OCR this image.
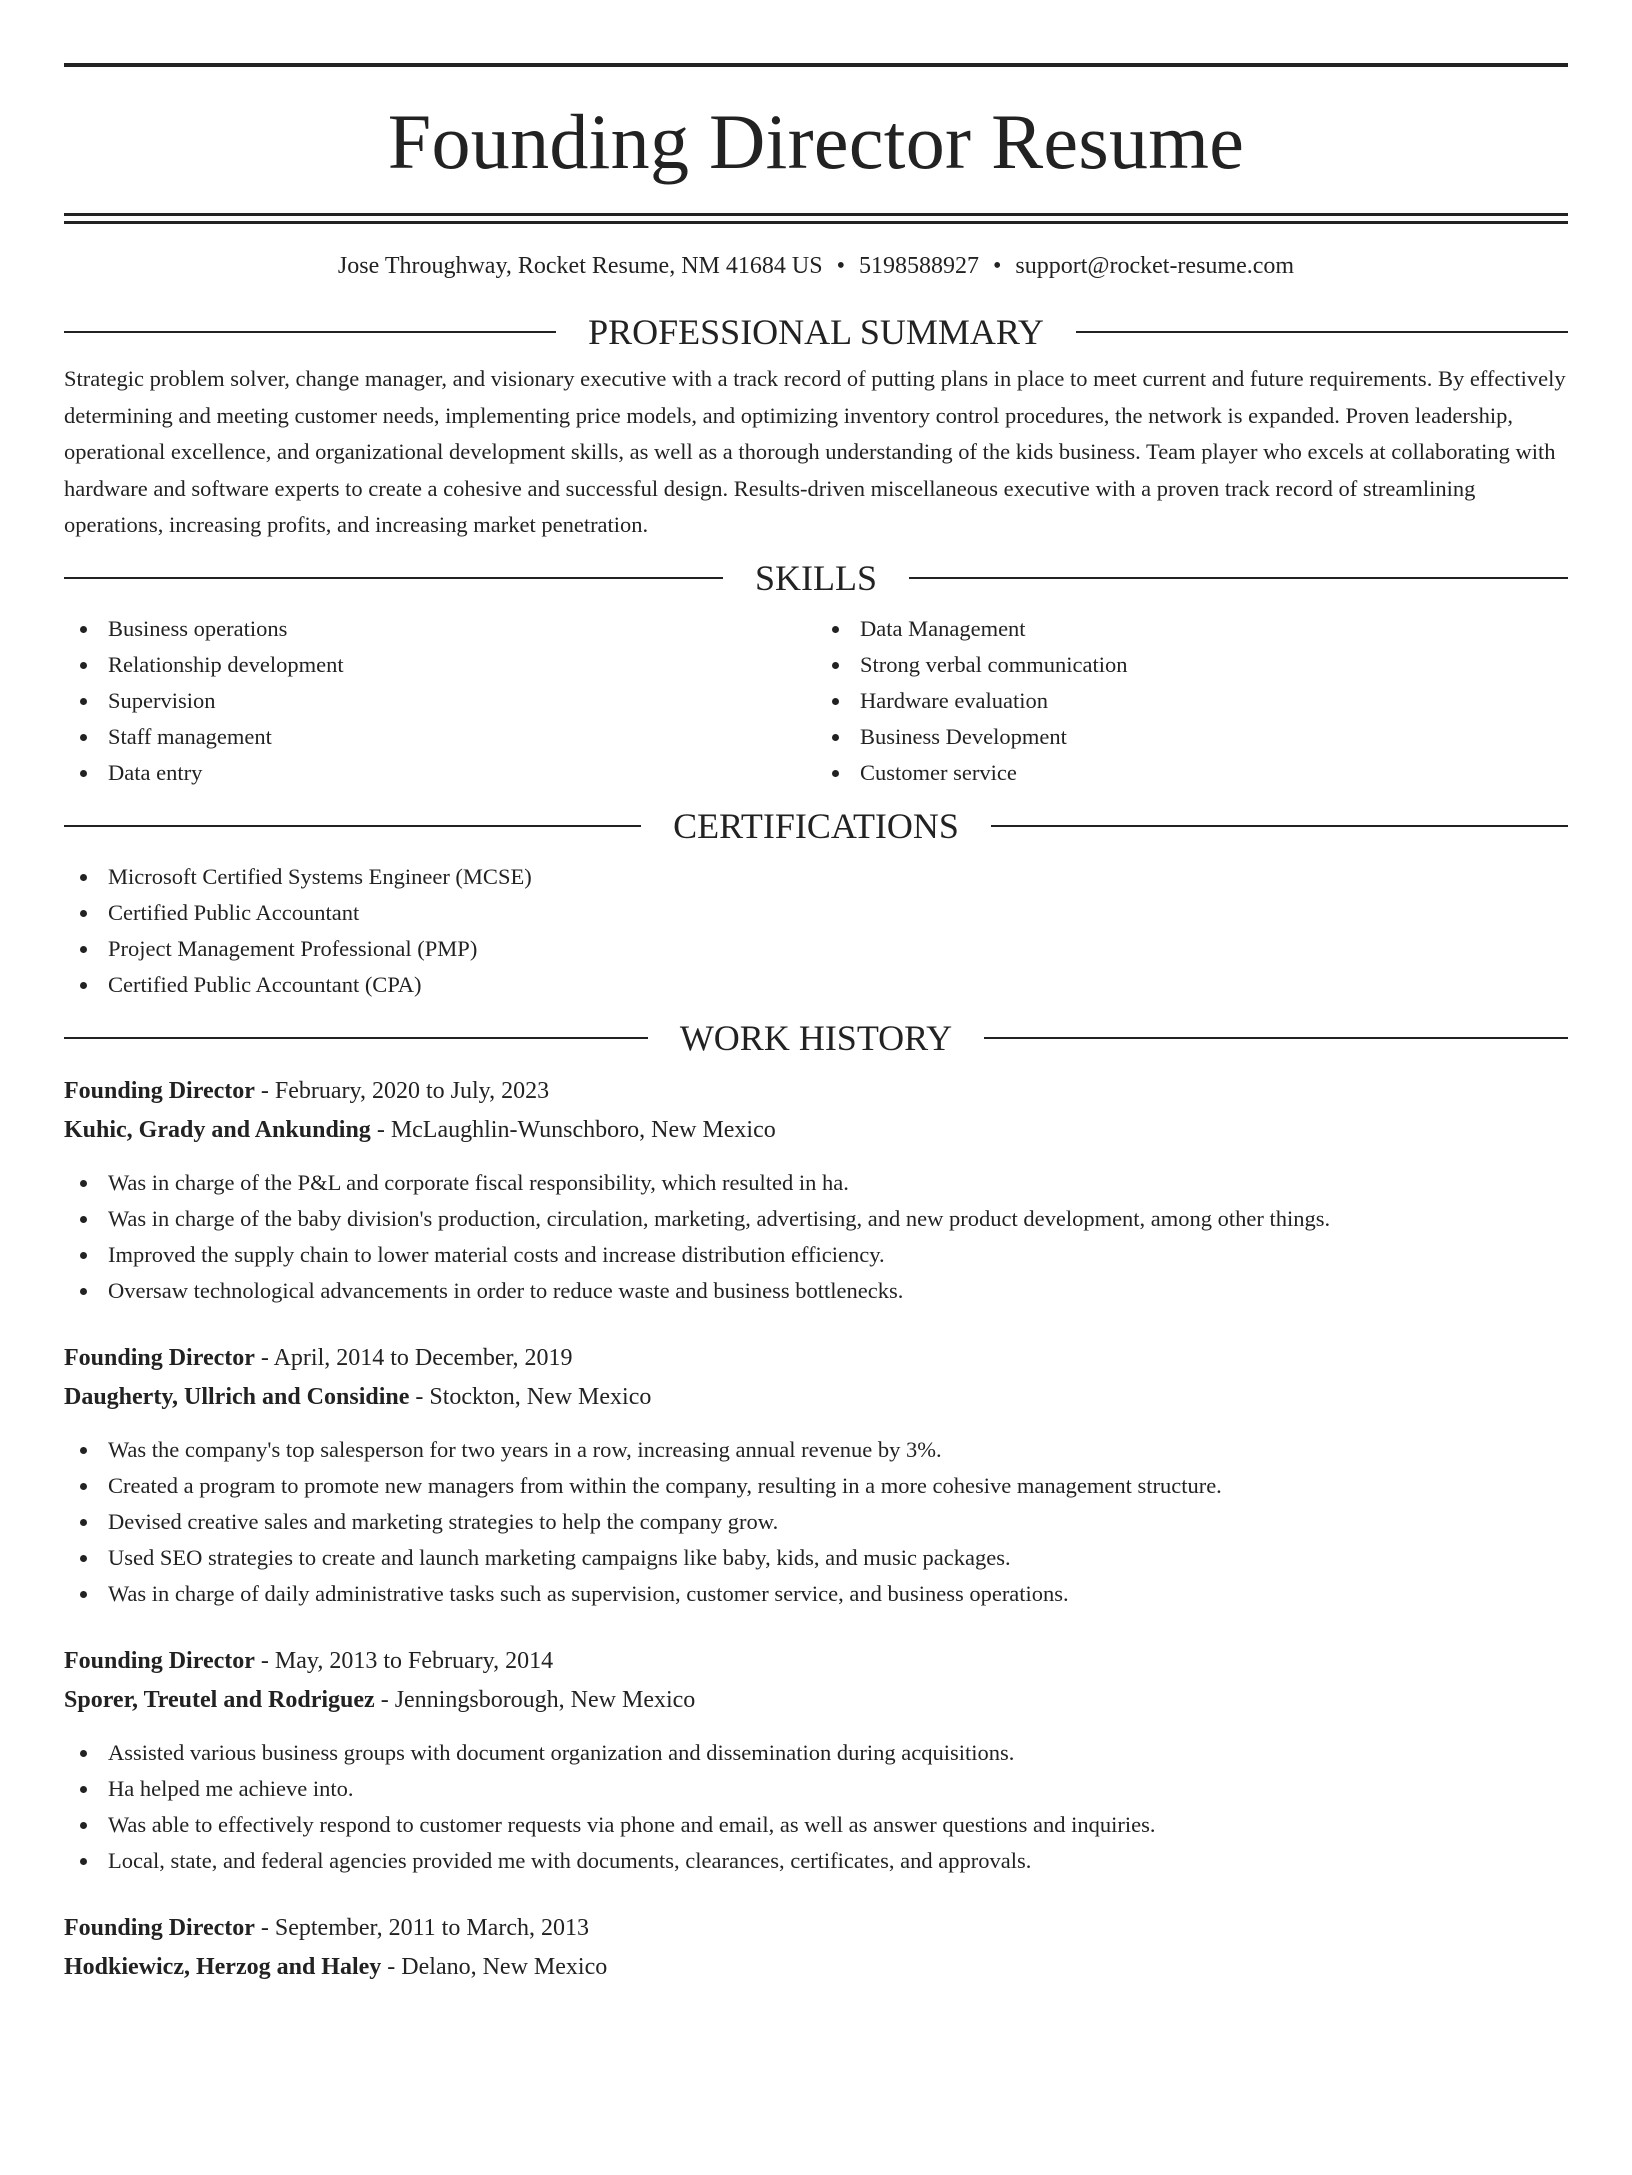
Founding Director Resume
Jose Throughway, Rocket Resume, NM 41684 US • 5198588927 • support@rocket-resume.com
PROFESSIONAL SUMMARY
Strategic problem solver, change manager, and visionary executive with a track record of putting plans in place to meet current and future requirements. By effectively determining and meeting customer needs, implementing price models, and optimizing inventory control procedures, the network is expanded. Proven leadership, operational excellence, and organizational development skills, as well as a thorough understanding of the kids business. Team player who excels at collaborating with hardware and software experts to create a cohesive and successful design. Results-driven miscellaneous executive with a proven track record of streamlining operations, increasing profits, and increasing market penetration.
SKILLS
Business operations
Relationship development
Supervision
Staff management
Data entry
Data Management
Strong verbal communication
Hardware evaluation
Business Development
Customer service
CERTIFICATIONS
Microsoft Certified Systems Engineer (MCSE)
Certified Public Accountant
Project Management Professional (PMP)
Certified Public Accountant (CPA)
WORK HISTORY
Founding Director - February, 2020 to July, 2023
Kuhic, Grady and Ankunding - McLaughlin-Wunschboro, New Mexico
Was in charge of the P&L and corporate fiscal responsibility, which resulted in ha.
Was in charge of the baby division's production, circulation, marketing, advertising, and new product development, among other things.
Improved the supply chain to lower material costs and increase distribution efficiency.
Oversaw technological advancements in order to reduce waste and business bottlenecks.
Founding Director - April, 2014 to December, 2019
Daugherty, Ullrich and Considine - Stockton, New Mexico
Was the company's top salesperson for two years in a row, increasing annual revenue by 3%.
Created a program to promote new managers from within the company, resulting in a more cohesive management structure.
Devised creative sales and marketing strategies to help the company grow.
Used SEO strategies to create and launch marketing campaigns like baby, kids, and music packages.
Was in charge of daily administrative tasks such as supervision, customer service, and business operations.
Founding Director - May, 2013 to February, 2014
Sporer, Treutel and Rodriguez - Jenningsborough, New Mexico
Assisted various business groups with document organization and dissemination during acquisitions.
Ha helped me achieve into.
Was able to effectively respond to customer requests via phone and email, as well as answer questions and inquiries.
Local, state, and federal agencies provided me with documents, clearances, certificates, and approvals.
Founding Director - September, 2011 to March, 2013
Hodkiewicz, Herzog and Haley - Delano, New Mexico
